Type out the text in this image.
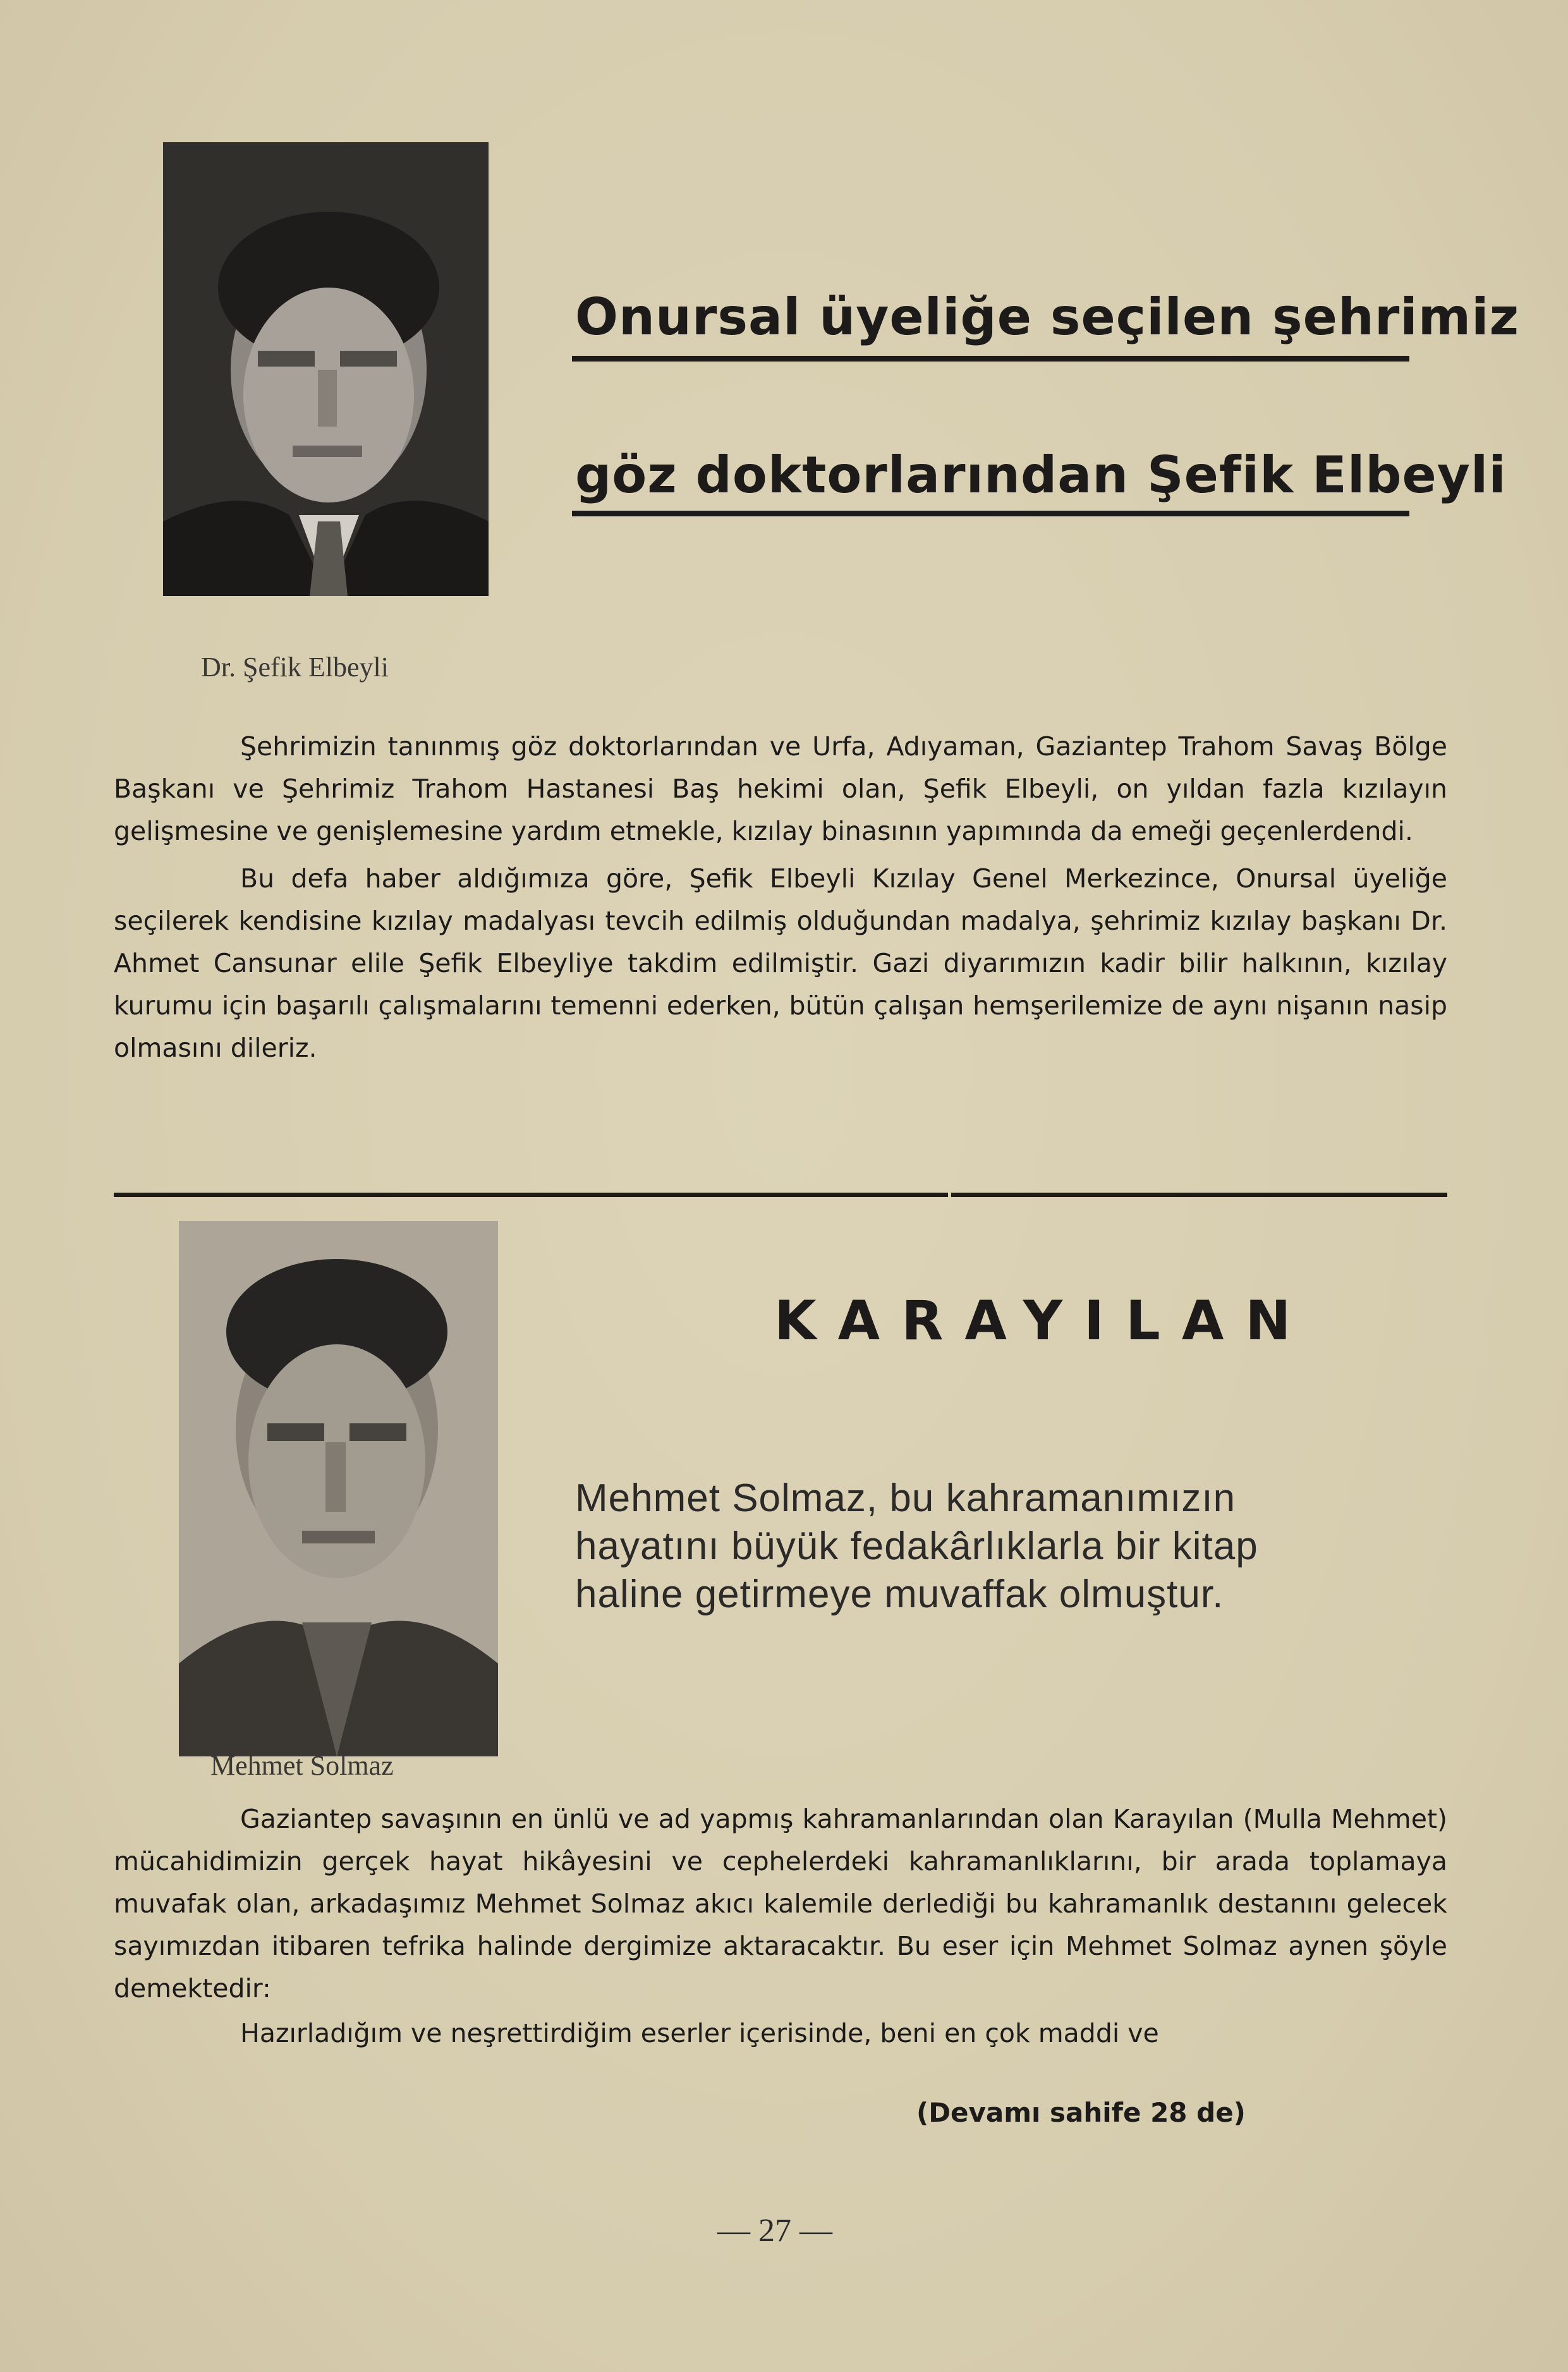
Onursal üyeliğe seçilen şehrimiz
göz doktorlarından Şefik Elbeyli
Dr. Şefik Elbeyli

Şehrimizin tanınmış göz doktorlarından ve Urfa, Adıyaman, Gaziantep Trahom Savaş Bölge Başkanı ve Şehrimiz Trahom Hastanesi Baş hekimi olan, Şefik Elbeyli, on yıldan fazla kızılayın gelişmesine ve genişlemesine yardım etmekle, kızılay binasının yapımında da emeği geçenlerdendi.

Bu defa haber aldığımıza göre, Şefik Elbeyli Kızılay Genel Merkezince, Onursal üyeliğe seçilerek kendisine kızılay madalyası tevcih edilmiş olduğundan madalya, şehrimiz kızılay başkanı Dr. Ahmet Cansunar elile Şefik Elbeyliye takdim edilmiştir. Gazi diyarımızın kadir bilir halkının, kızılay kurumu için başarılı çalışmalarını temenni ederken, bütün çalışan hemşerilemize de aynı nişanın nasip olmasını dileriz.

KARAYILAN
Mehmet Solmaz, bu kahramanımızın
hayatını büyük fedakârlıklarla bir kitap
haline getirmeye muvaffak olmuştur.
Mehmet Solmaz

Gaziantep savaşının en ünlü ve ad yapmış kahramanlarından olan Karayılan (Mulla Mehmet) mücahidimizin gerçek hayat hikâyesini ve cephelerdeki kahramanlıklarını, bir arada toplamaya muvafak olan, arkadaşımız Mehmet Solmaz akıcı kalemile derlediği bu kahramanlık destanını gelecek sayımızdan itibaren tefrika halinde dergimize aktaracaktır. Bu eser için Mehmet Solmaz aynen şöyle demektedir:

Hazırladığım ve neşrettirdiğim eserler içerisinde, beni en çok maddi ve

(Devamı sahife 28 de)
— 27 —
